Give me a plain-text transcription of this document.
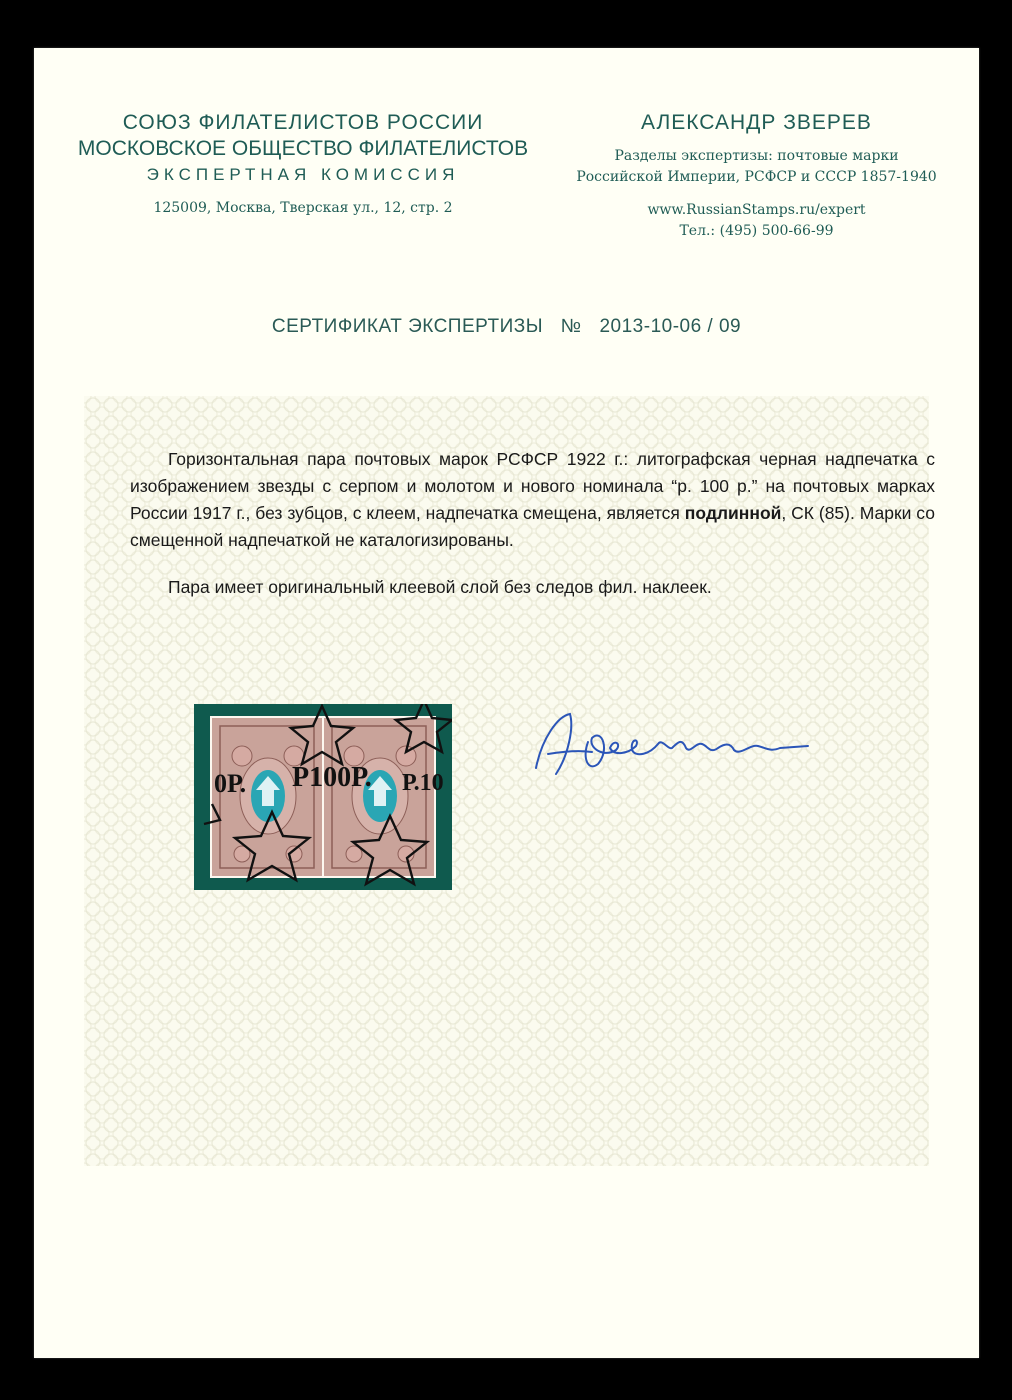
СОЮЗ ФИЛАТЕЛИСТОВ РОССИИ
МОСКОВСКОЕ ОБЩЕСТВО ФИЛАТЕЛИСТОВ
ЭКСПЕРТНАЯ КОМИССИЯ
125009, Москва, Тверская ул., 12, стр. 2
АЛЕКСАНДР ЗВЕРЕВ
Разделы экспертизы: почтовые марки
Российской Империи, РСФСР и СССР 1857-1940
www.RussianStamps.ru/expert
Тел.: (495) 500-66-99
СЕРТИФИКАТ ЭКСПЕРТИЗЫ № 2013-10-06 / 09

Горизонтальная пара почтовых марок РСФСР 1922 г.: литографская черная надпечатка с изображением звезды с серпом и молотом и нового номинала “р. 100 р.” на почтовых марках России 1917 г., без зубцов, с клеем, надпечатка смещена, является подлинной, СК (85). Марки со смещенной надпечаткой не каталогизированы.

Пара имеет оригинальный клеевой слой без следов фил. наклеек.

0Р. Р100Р. Р.10
